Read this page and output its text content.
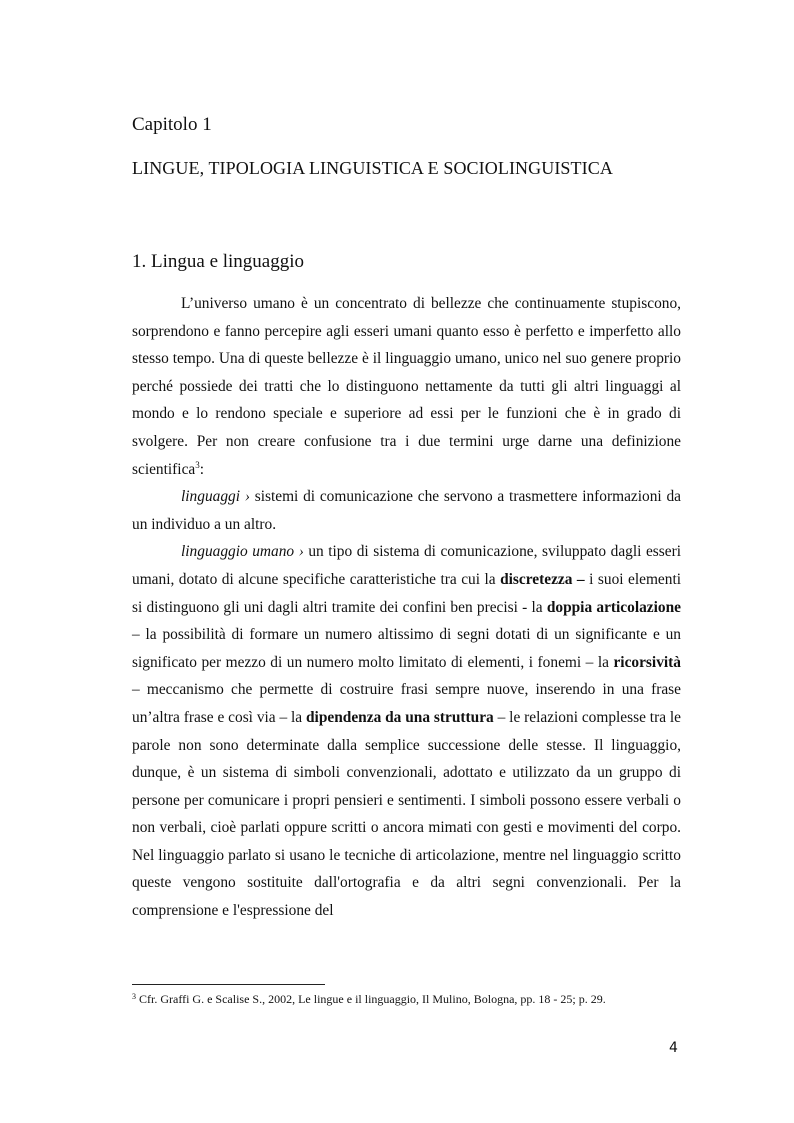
Capitolo 1
LINGUE, TIPOLOGIA LINGUISTICA E SOCIOLINGUISTICA
1. Lingua e linguaggio

L’universo umano è un concentrato di bellezze che continuamente stupiscono, sorprendono e fanno percepire agli esseri umani quanto esso è perfetto e imperfetto allo stesso tempo. Una di queste bellezze è il linguaggio umano, unico nel suo genere proprio perché possiede dei tratti che lo distinguono nettamente da tutti gli altri linguaggi al mondo e lo rendono speciale e superiore ad essi per le funzioni che è in grado di svolgere. Per non creare confusione tra i due termini urge darne una definizione scientifica$^3$:

linguaggi › sistemi di comunicazione che servono a trasmettere informazioni da un individuo a un altro.

linguaggio umano › un tipo di sistema di comunicazione, sviluppato dagli esseri umani, dotato di alcune specifiche caratteristiche tra cui la discretezza – i suoi elementi si distinguono gli uni dagli altri tramite dei confini ben precisi - la doppia articolazione – la possibilità di formare un numero altissimo di segni dotati di un significante e un significato per mezzo di un numero molto limitato di elementi, i fonemi – la ricorsività – meccanismo che permette di costruire frasi sempre nuove, inserendo in una frase un’altra frase e così via – la dipendenza da una struttura – le relazioni complesse tra le parole non sono determinate dalla semplice successione delle stesse. Il linguaggio, dunque, è un sistema di simboli convenzionali, adottato e utilizzato da un gruppo di persone per comunicare i propri pensieri e sentimenti. I simboli possono essere verbali o non verbali, cioè parlati oppure scritti o ancora mimati con gesti e movimenti del corpo. Nel linguaggio parlato si usano le tecniche di articolazione, mentre nel linguaggio scritto queste vengono sostituite dall'ortografia e da altri segni convenzionali. Per la comprensione e l'espressione del

$^3$ Cfr. Graffi G. e Scalise S., 2002, Le lingue e il linguaggio, Il Mulino, Bologna, pp. 18 - 25; p. 29.

4
